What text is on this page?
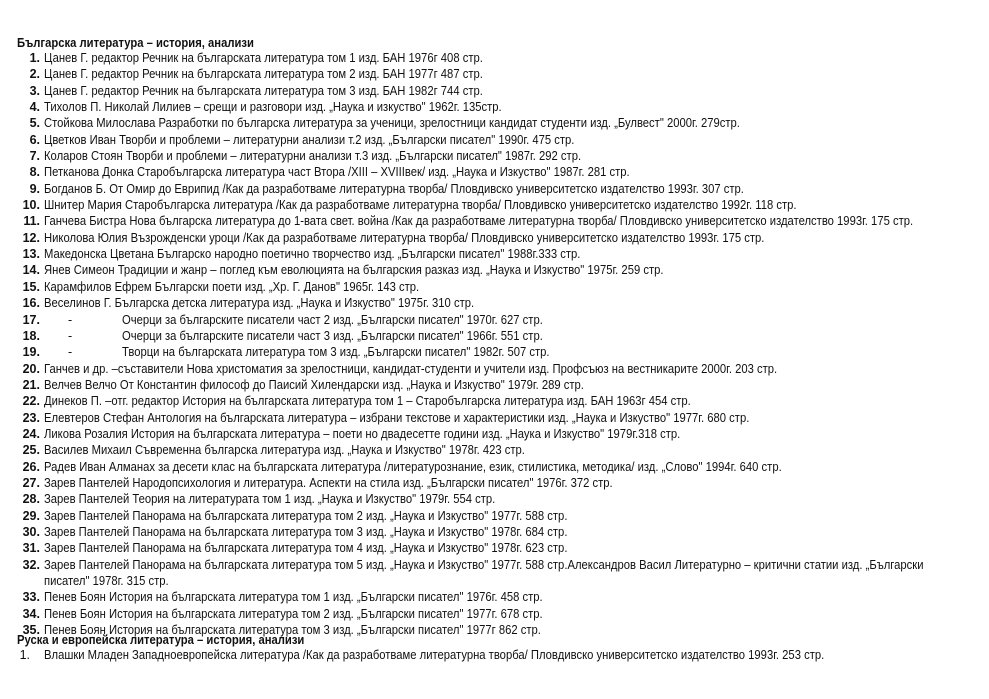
Българска литература – история, анализи
1. Цанев Г. редактор Речник на българската литература том 1 изд. БАН 1976г 408 стр.
2. Цанев Г. редактор Речник на българската литература том 2 изд. БАН 1977г 487 стр.
3. Цанев Г. редактор Речник на българската литература том 3 изд. БАН 1982г 744 стр.
4. Тихолов П. Николай Лилиев – срещи и разговори изд. „Наука и изкуство" 1962г. 135стр.
5. Стойкова Милослава Разработки по българска литература за ученици, зрелостници кандидат студенти изд. „Булвест" 2000г. 279стр.
6. Цветков Иван Творби и проблеми – литературни анализи т.2 изд. „Български писател" 1990г. 475 стр.
7. Коларов Стоян Творби и проблеми – литературни анализи т.3 изд. „Български писател" 1987г. 292 стр.
8. Петканова Донка Старобългарска литература част Втора /XIII – XVIIIвек/ изд. „Наука и Изкуство" 1987г. 281 стр.
9. Богданов Б. От Омир до Еврипид /Как да разработваме литературна творба/ Пловдивско университетско издателство 1993г. 307 стр.
10. Шнитер Мария Старобългарска литература /Как да разработваме литературна творба/ Пловдивско университетско издателство 1992г. 118 стр.
11. Ганчева Бистра Нова българска литература до 1-вата свет. война /Как да разработваме литературна творба/ Пловдивско университетско издателство 1993г. 175 стр.
12. Николова Юлия Възрожденски уроци /Как да разработваме литературна творба/ Пловдивско университетско издателство 1993г. 175 стр.
13. Македонска Цветана Българско народно поетично творчество изд. „Български писател" 1988г.333 стр.
14. Янев Симеон Традиции и жанр – поглед към еволюцията на българския разказ изд. „Наука и Изкуство" 1975г. 259 стр.
15. Карамфилов Ефрем Български поети изд. „Хр. Г. Данов" 1965г. 143 стр.
16. Веселинов Г. Българска детска литература изд. „Наука и Изкуство" 1975г. 310 стр.
17. -	Очерци за българските писатели част 2 изд. „Български писател" 1970г. 627 стр.
18. -	Очерци за българските писатели част 3 изд. „Български писател" 1966г. 551 стр.
19. -	Творци на българската литература том 3 изд. „Български писател" 1982г. 507 стр.
20. Ганчев и др. –съставители Нова христоматия за зрелостници, кандидат-студенти и учители изд. Профсъюз на вестникарите 2000г. 203 стр.
21. Велчев Велчо От Константин философ до Паисий Хилендарски изд. „Наука и Изкуство" 1979г. 289 стр.
22. Динеков П. –отг. редактор История на българската литература том 1 – Старобългарска литература изд. БАН 1963г 454 стр.
23. Елевтеров Стефан Антология на българската литература – избрани текстове и характеристики изд. „Наука и Изкуство" 1977г. 680 стр.
24. Ликова Розалия История на българската литература – поети но двадесетте години изд. „Наука и Изкуство" 1979г.318 стр.
25. Василев Михаил Съвременна българска литература изд. „Наука и Изкуство" 1978г. 423 стр.
26. Радев Иван Алманах за десети клас на българската литература /литературознание, език, стилистика, методика/ изд. „Слово" 1994г. 640 стр.
27. Зарев Пантелей Народопсихология и литература. Аспекти на стила изд. „Български писател" 1976г. 372 стр.
28. Зарев Пантелей Теория на литературата том 1 изд. „Наука и Изкуство" 1979г. 554 стр.
29. Зарев Пантелей Панорама на българската литература том 2 изд. „Наука и Изкуство" 1977г. 588 стр.
30. Зарев Пантелей Панорама на българската литература том 3 изд. „Наука и Изкуство" 1978г. 684 стр.
31. Зарев Пантелей Панорама на българската литература том 4 изд. „Наука и Изкуство" 1978г. 623 стр.
32. Зарев Пантелей Панорама на българската литература том 5 изд. „Наука и Изкуство" 1977г. 588 стр.Александров Васил Литературно – критични статии изд. „Български
писател" 1978г. 315 стр.
33. Пенев Боян История на българската литература том 1 изд. „Български писател" 1976г. 458 стр.
34. Пенев Боян История на българската литература том 2 изд. „Български писател" 1977г. 678 стр.
35. Пенев Боян История на българската литература том 3 изд. „Български писател" 1977г 862 стр.
Руска и европейска литература – история, анализи
1. Влашки Младен Западноевропейска литература /Как да разработваме литературна творба/ Пловдивско университетско издателство 1993г. 253 стр.
